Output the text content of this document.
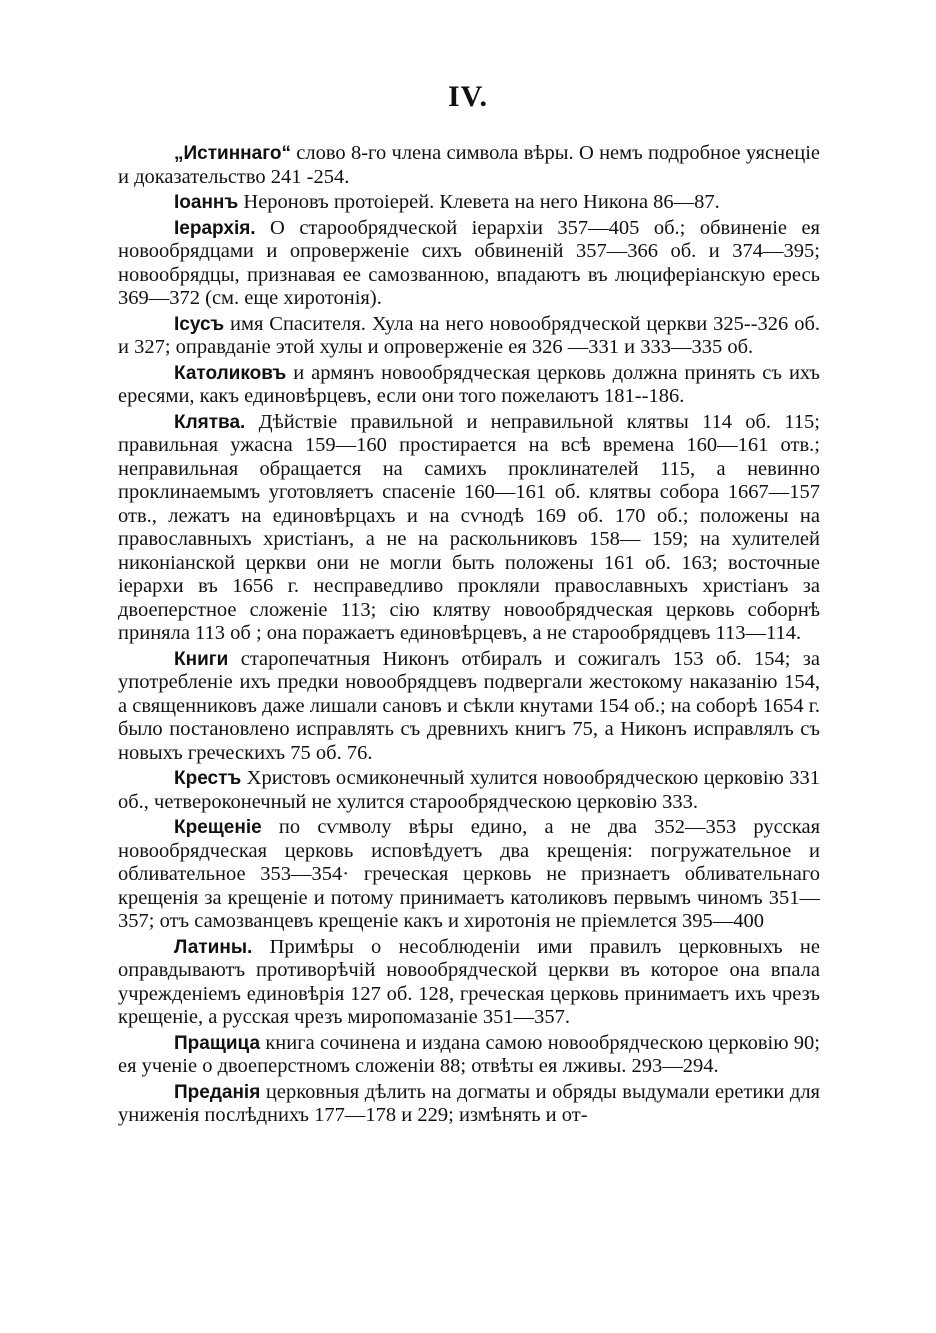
IV.

„Истиннаго“ слово 8-го члена символа вѣры. О немъ подробное уяснеціе и доказательство 241 -254.

Іоаннъ Нероновъ протоіерей. Клевета на него Никона 86—87.

Іерархія. О старообрядческой іерархіи 357—405 об.; обвиненіе ея новообрядцами и опроверженіе сихъ обвиненій 357—366 об. и 374—395; новообрядцы, признавая ее самозванною, впадаютъ въ люциферіанскую ересь 369—372 (см. еще хиротонія).

Ісусъ имя Спасителя. Хула на него новообрядческой церкви 325--326 об. и 327; оправданіе этой хулы и опроверженіе ея 326 —331 и 333—335 об.

Католиковъ и армянъ новообрядческая церковь должна принять съ ихъ ересями, какъ единовѣрцевъ, если они того пожелаютъ 181--186.

Клятва. Дѣйствіе правильной и неправильной клятвы 114 об. 115; правильная ужасна 159—160 простирается на всѣ времена 160—161 отв.; неправильная обращается на самихъ проклинателей 115, а невинно проклинаемымъ уготовляетъ спасеніе 160—161 об. клятвы собора 1667—157 отв., лежатъ на единовѣрцахъ и на сѵнодѣ 169 об. 170 об.; положены на православныхъ христіанъ, а не на раскольниковъ 158— 159; на хулителей никоніанской церкви они не могли быть положены 161 об. 163; восточные іерархи въ 1656 г. несправедливо прокляли православныхъ христіанъ за двоеперстное сложеніе 113; сію клятву новообрядческая церковь соборнѣ приняла 113 об ; она поражаетъ единовѣрцевъ, а не старообрядцевъ 113—114.

Книги старопечатныя Никонъ отбиралъ и сожигалъ 153 об. 154; за употребленіе ихъ предки новообрядцевъ подвергали жестокому наказанію 154, а священниковъ даже лишали сановъ и сѣкли кнутами 154 об.; на соборѣ 1654 г. было постановлено исправлять съ древнихъ книгъ 75, а Никонъ исправлялъ съ новыхъ греческихъ 75 об. 76.

Крестъ Христовъ осмиконечный хулится новообрядческою церковію 331 об., четвероконечный не хулится старообрядческою церковію 333.

Крещеніе по сѵмволу вѣры едино, а не два 352—353 русская новообрядческая церковь исповѣдуетъ два крещенія: погружательное и обливательное 353—354· греческая церковь не признаетъ обливательнаго крещенія за крещеніе и потому принимаетъ католиковъ первымъ чиномъ 351—357; отъ самозванцевъ крещеніе какъ и хиротонія не пріемлется 395—400

Латины. Примѣры о несоблюденіи ими правилъ церковныхъ не оправдываютъ противорѣчій новообрядческой церкви въ которое она впала учрежденіемъ единовѣрія 127 об. 128, греческая церковь принимаетъ ихъ чрезъ крещеніе, а русская чрезъ миропомазаніе 351—357.

Пращица книга сочинена и издана самою новообрядческою церковію 90; ея ученіе о двоеперстномъ сложеніи 88; отвѣты ея лживы. 293—294.

Преданія церковныя дѣлить на догматы и обряды выдумали еретики для униженія послѣднихъ 177—178 и 229; измѣнять и от-
